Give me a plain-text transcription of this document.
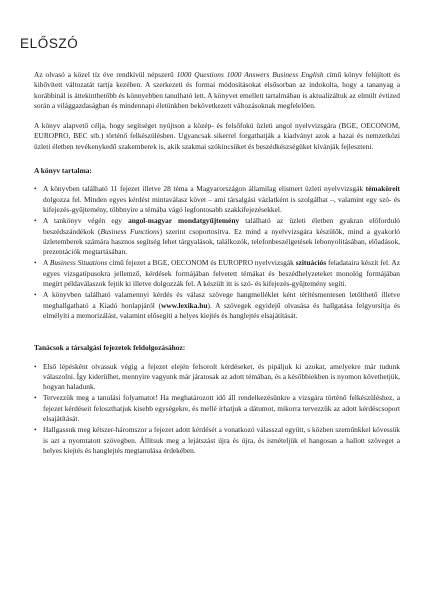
ELŐSZÓ

Az olvasó a közel tíz éve rendkívül népszerű 1000 Questions 1000 Answers Business English című könyv felújított és kibővített változatát tartja kezében. A szerkezeti és formai módosításokat elsősorban az indokolta, hogy a tananyag a korábbinál is áttekinthetőbb és könnyebben tanulható lett. A könyvet emellett tartalmában is aktualizáltuk az elmúlt évtized során a világgazdaságban és mindennapi életünkben bekövetkezett változásoknak megfelelően.

A könyv alapvető célja, hogy segítséget nyújtson a közép- és felsőfokú üzleti angol nyelvvizsgára (BGE, OECONOM, EUROPRO, BEC stb.) történő felkészülésben. Ugyancsak sikerrel forgathatják a kiadványt azok a hazai és nemzetközi üzleti életben tevékenykedő szakemberek is, akik szakmai szókincsüket és beszédkészségüket kívánják fejleszteni.

A könyv tartalma:
• A könyvben található 11 fejezet illetve 28 téma a Magyarországon államilag elismert üzleti nyelvvizsgák témaköreit dolgozza fel. Minden egyes kérdést mintaválasz követ – ami társalgási vázlatként is szolgálhat –, valamint egy szó- és kifejezés-gyűjtemény, többnyire a témába vágó legfontosabb szakkifejezésekkel.
• A tankönyv végén egy angol-magyar mondatgyűjtemény található az üzleti életben gyakran előforduló beszédszándékok (Business Functions) szerint csoportosítva. Ez mind a nyelvvizsgára készülők, mind a gyakorló üzletemberek számára hasznos segítség lehet tárgyalások, találkozók, telefonbeszélgetések lebonyolításában, előadások, prezentációk megtartásában.
• A Business Situations című fejezet a BGE, OECONOM és EUROPRO nyelvvizsgák szituációs feladataira készít fel. Az egyes vizsgatípusokra jellemző, kérdések formájában felvetett témákat és beszédhelyzeteket monológ formájában megírt példaválaszok fejtik ki illetve dolgozzák fel. A készült itt is szó- és kifejezés-gyűjtemény segíti.
• A könyvben található valamennyi kérdés és válasz szövege hangmelléklet ként térítésmentesen letölthető illetve meghallgatható a Kiadó honlapjáról (www.lexika.hu). A szövegek egyidejű olvasása és hallgatása felgyorsítja és elmélyíti a memorizálást, valamint elősegíti a helyes kiejtés és hanglejtés elsajátítását.
Tanácsok a társalgási fejezetek feldolgozásához:
• Első lépésként olvassuk végig a fejezet elején felsorolt kérdéseket, és pipáljuk ki azokat, amelyekre már tudunk válaszolni. Így kiderülhet, mennyire vagyunk már járatosak az adott témában, és a későbbiekben is nyomon követhetjük, hogyan haladunk.
• Tervezzük meg a tanulási folyamatot! Ha meghatározott idő áll rendelkezésünkre a vizsgára történő felkészüléshez, a fejezet kérdéseit feloszthatjuk kisebb egységekre, és mellé írhatjuk a dátumot, mikorra tervezzük az adott kérdéscsoport elsajátítását.
• Hallgassuk meg kétszer-háromszor a fejezet adott kérdését a vonatkozó válasszal együtt, s közben szeműnkkel kövessük is azt a nyomtatott szövegben. Állítsuk meg a lejátszást újra és újra, és ismételjük el hangosan a hallott szöveget a helyes kiejtés és hanglejtés megtanulása érdekében.
